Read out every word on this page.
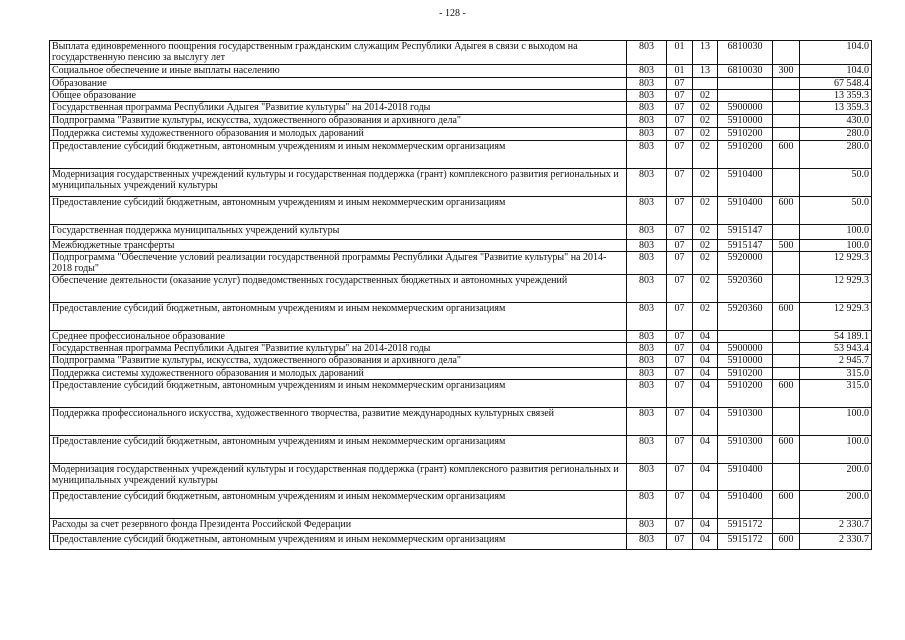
- 128 -
Выплата единовременного поощрения государственным гражданским служащим Республики Адыгея в связи с выходом на государственную пенсию за выслугу лет	803	01	13	6810030		104.0
Социальное обеспечение и иные выплаты населению	803	01	13	6810030	300	104.0
Образование	803	07				67 548.4
Общее образование	803	07	02			13 359.3
Государственная программа Республики Адыгея "Развитие культуры" на 2014-2018 годы	803	07	02	5900000		13 359.3
Подпрограмма "Развитие культуры, искусства, художественного образования и архивного дела"	803	07	02	5910000		430.0
Поддержка системы художественного образования и молодых дарований	803	07	02	5910200		280.0
Предоставление субсидий бюджетным, автономным учреждениям и иным некоммерческим организациям	803	07	02	5910200	600	280.0
Модернизация государственных учреждений культуры и государственная поддержка (грант) комплексного развития региональных и муниципальных учреждений культуры	803	07	02	5910400		50.0
Предоставление субсидий бюджетным, автономным учреждениям и иным некоммерческим организациям	803	07	02	5910400	600	50.0
Государственная поддержка муниципальных учреждений культуры	803	07	02	5915147		100.0
Межбюджетные трансферты	803	07	02	5915147	500	100.0
Подпрограмма "Обеспечение условий реализации государственной программы Республики Адыгея "Развитие культуры" на 2014-2018 годы"	803	07	02	5920000		12 929.3
Обеспечение деятельности (оказание услуг) подведомственных государственных бюджетных и автономных учреждений	803	07	02	5920360		12 929.3
Предоставление субсидий бюджетным, автономным учреждениям и иным некоммерческим организациям	803	07	02	5920360	600	12 929.3
Среднее профессиональное образование	803	07	04			54 189.1
Государственная программа Республики Адыгея "Развитие культуры" на 2014-2018 годы	803	07	04	5900000		53 943.4
Подпрограмма "Развитие культуры, искусства, художественного образования и архивного дела"	803	07	04	5910000		2 945.7
Поддержка системы художественного образования и молодых дарований	803	07	04	5910200		315.0
Предоставление субсидий бюджетным, автономным учреждениям и иным некоммерческим организациям	803	07	04	5910200	600	315.0
Поддержка профессионального искусства, художественного творчества, развитие международных культурных связей	803	07	04	5910300		100.0
Предоставление субсидий бюджетным, автономным учреждениям и иным некоммерческим организациям	803	07	04	5910300	600	100.0
Модернизация государственных учреждений культуры и государственная поддержка (грант) комплексного развития региональных и муниципальных учреждений культуры	803	07	04	5910400		200.0
Предоставление субсидий бюджетным, автономным учреждениям и иным некоммерческим организациям	803	07	04	5910400	600	200.0
Расходы за счет резервного фонда Президента Российской Федерации	803	07	04	5915172		2 330.7
Предоставление субсидий бюджетным, автономным учреждениям и иным некоммерческим организациям	803	07	04	5915172	600	2 330.7
